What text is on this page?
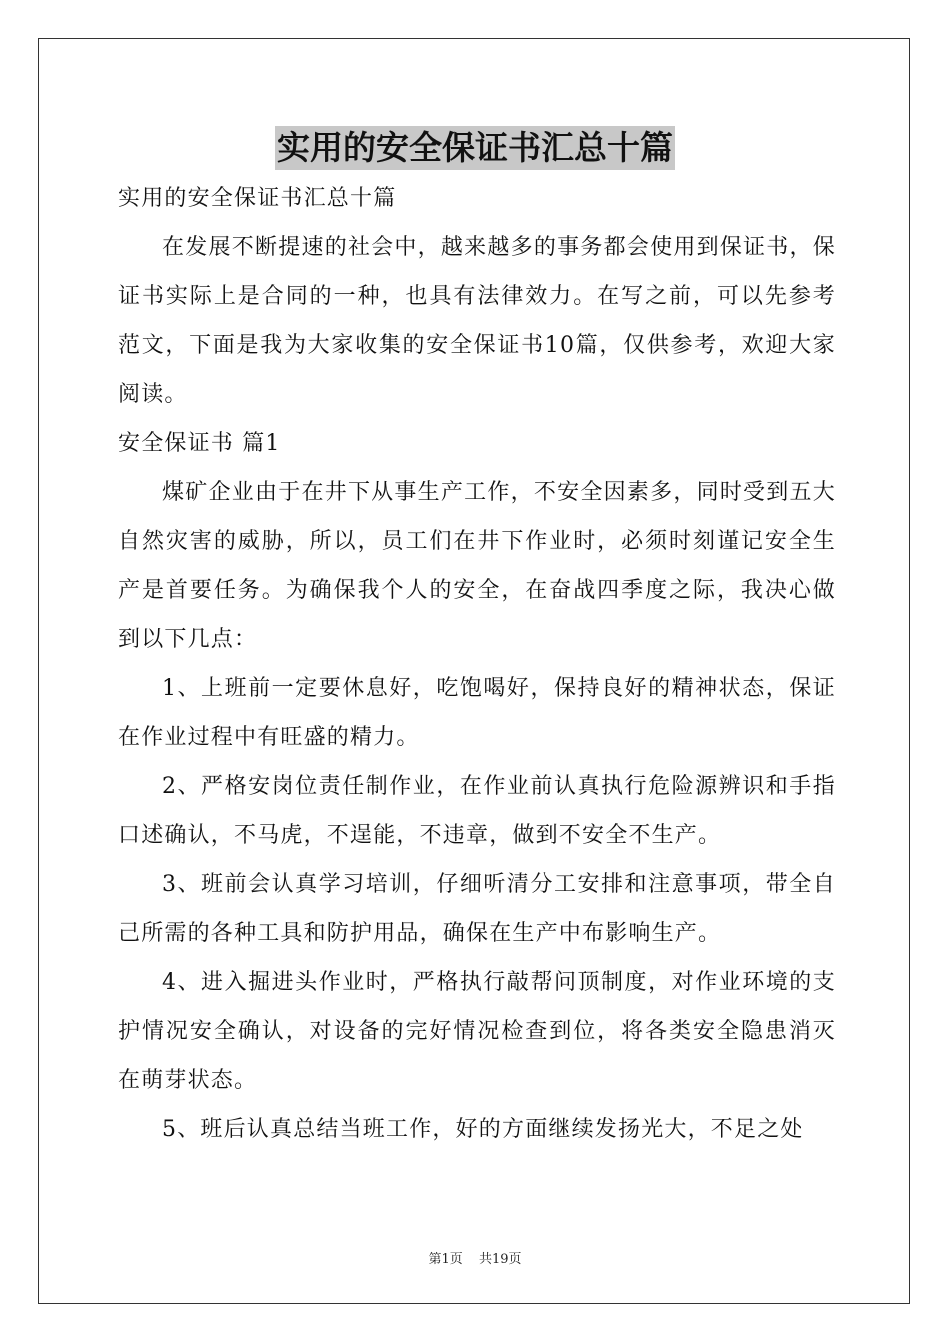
实用的安全保证书汇总十篇

实用的安全保证书汇总十篇

在发展不断提速的社会中，越来越多的事务都会使用到保证书，保证书实际上是合同的一种，也具有法律效力。在写之前，可以先参考范文，下面是我为大家收集的安全保证书10篇，仅供参考，欢迎大家阅读。

安全保证书 篇1

煤矿企业由于在井下从事生产工作，不安全因素多，同时受到五大自然灾害的威胁，所以，员工们在井下作业时，必须时刻谨记安全生产是首要任务。为确保我个人的安全，在奋战四季度之际，我决心做到以下几点：

1、上班前一定要休息好，吃饱喝好，保持良好的精神状态，保证在作业过程中有旺盛的精力。

2、严格安岗位责任制作业，在作业前认真执行危险源辨识和手指口述确认，不马虎，不逞能，不违章，做到不安全不生产。

3、班前会认真学习培训，仔细听清分工安排和注意事项，带全自己所需的各种工具和防护用品，确保在生产中布影响生产。

4、进入掘进头作业时，严格执行敲帮问顶制度，对作业环境的支护情况安全确认，对设备的完好情况检查到位，将各类安全隐患消灭在萌芽状态。

5、班后认真总结当班工作，好的方面继续发扬光大，不足之处

第1页 共19页
